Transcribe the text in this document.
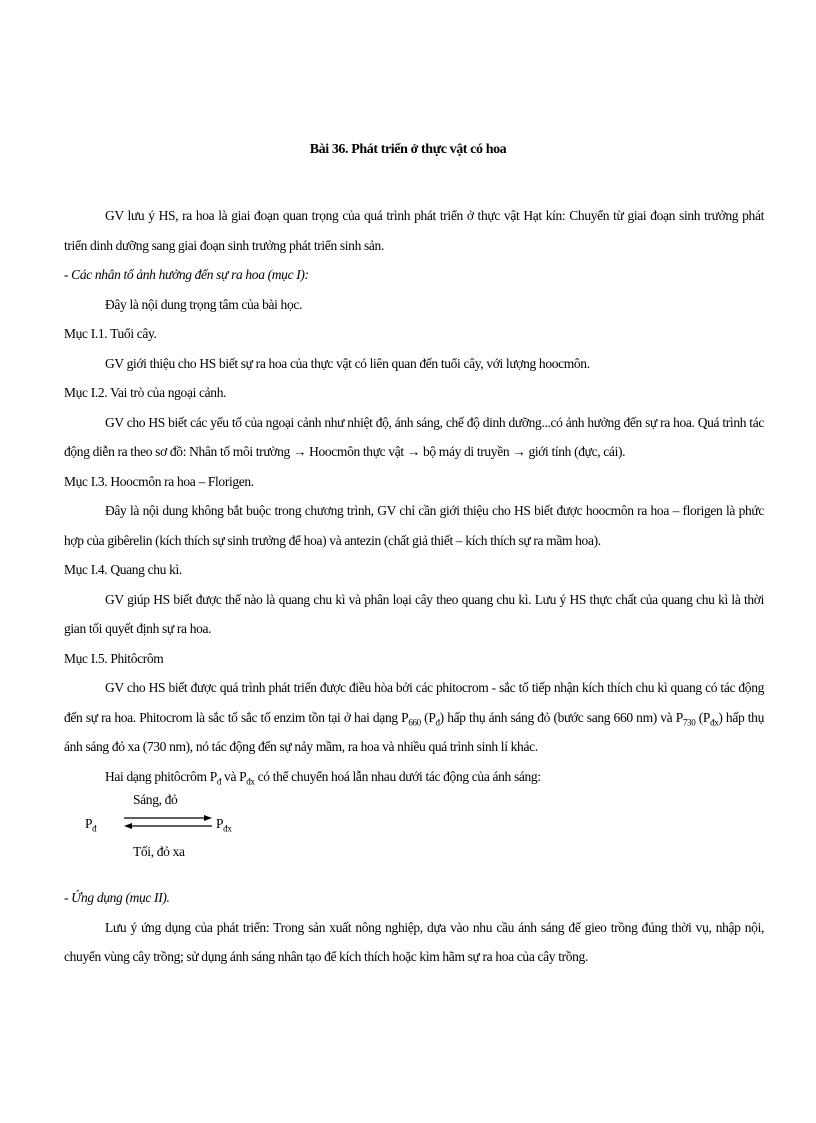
Bài 36. Phát triển ở thực vật có hoa

GV lưu ý HS, ra hoa là giai đoạn quan trọng của quá trình phát triển ở thực vật Hạt kín: Chuyển từ giai đoạn sinh trưởng phát triển dinh dưỡng sang giai đoạn sinh trưởng phát triển sinh sản.

- Các nhân tố ảnh hưởng đến sự ra hoa (mục I):

Đây là nội dung trọng tâm của bài học.

Mục I.1. Tuổi cây.

GV giới thiệu cho HS biết sự ra hoa của thực vật có liên quan đến tuổi cây, với lượng hoocmôn.

Mục I.2. Vai trò của ngoại cảnh.

GV cho HS biết các yếu tố của ngoại cảnh như nhiệt độ, ánh sáng, chế độ dinh dưỡng...có ảnh hưởng đến sự ra hoa. Quá trình tác động diễn ra theo sơ đồ: Nhân tố môi trường → Hoocmôn thực vật → bộ máy di truyền → giới tính (đực, cái).

Mục I.3. Hoocmôn ra hoa – Florigen.

Đây là nội dung không bắt buộc trong chương trình, GV chỉ cần giới thiệu cho HS biết được hoocmôn ra hoa – florigen là phức hợp của gibêrelin (kích thích sự sinh trưởng để hoa) và antezin (chất giả thiết – kích thích sự ra mầm hoa).

Mục I.4. Quang chu kì.

GV giúp HS biết được thế nào là quang chu kì và phân loại cây theo quang chu kì. Lưu ý HS thực chất của quang chu kì là thời gian tối quyết định sự ra hoa.

Mục I.5. Phitôcrôm

GV cho HS biết được quá trình phát triển được điều hòa bởi các phitocrom - sắc tố tiếp nhận kích thích chu kì quang có tác động đến sự ra hoa. Phitocrom là sắc tố sắc tố enzim tồn tại ở hai dạng $P_{660}$ $(P_đ)$ hấp thụ ánh sáng đỏ (bước sang 660 nm) và $P_{730}$ $(P_{đx})$ hấp thụ ánh sáng đỏ xa (730 nm), nó tác động đến sự nảy mầm, ra hoa và nhiều quá trình sinh lí khác.

Hai dạng phitôcrôm $P_đ$ và $P_{đx}$ có thể chuyển hoá lẫn nhau dưới tác động của ánh sáng:

Sáng, đỏ
$P_đ$	$P_{đx}$
Tối, đỏ xa

- Ứng dụng (mục II).

Lưu ý ứng dụng của phát triển: Trong sản xuất nông nghiệp, dựa vào nhu cầu ánh sáng để gieo trồng đúng thời vụ, nhập nội, chuyển vùng cây trồng; sử dụng ánh sáng nhân tạo để kích thích hoặc kìm hãm sự ra hoa của cây trồng.
